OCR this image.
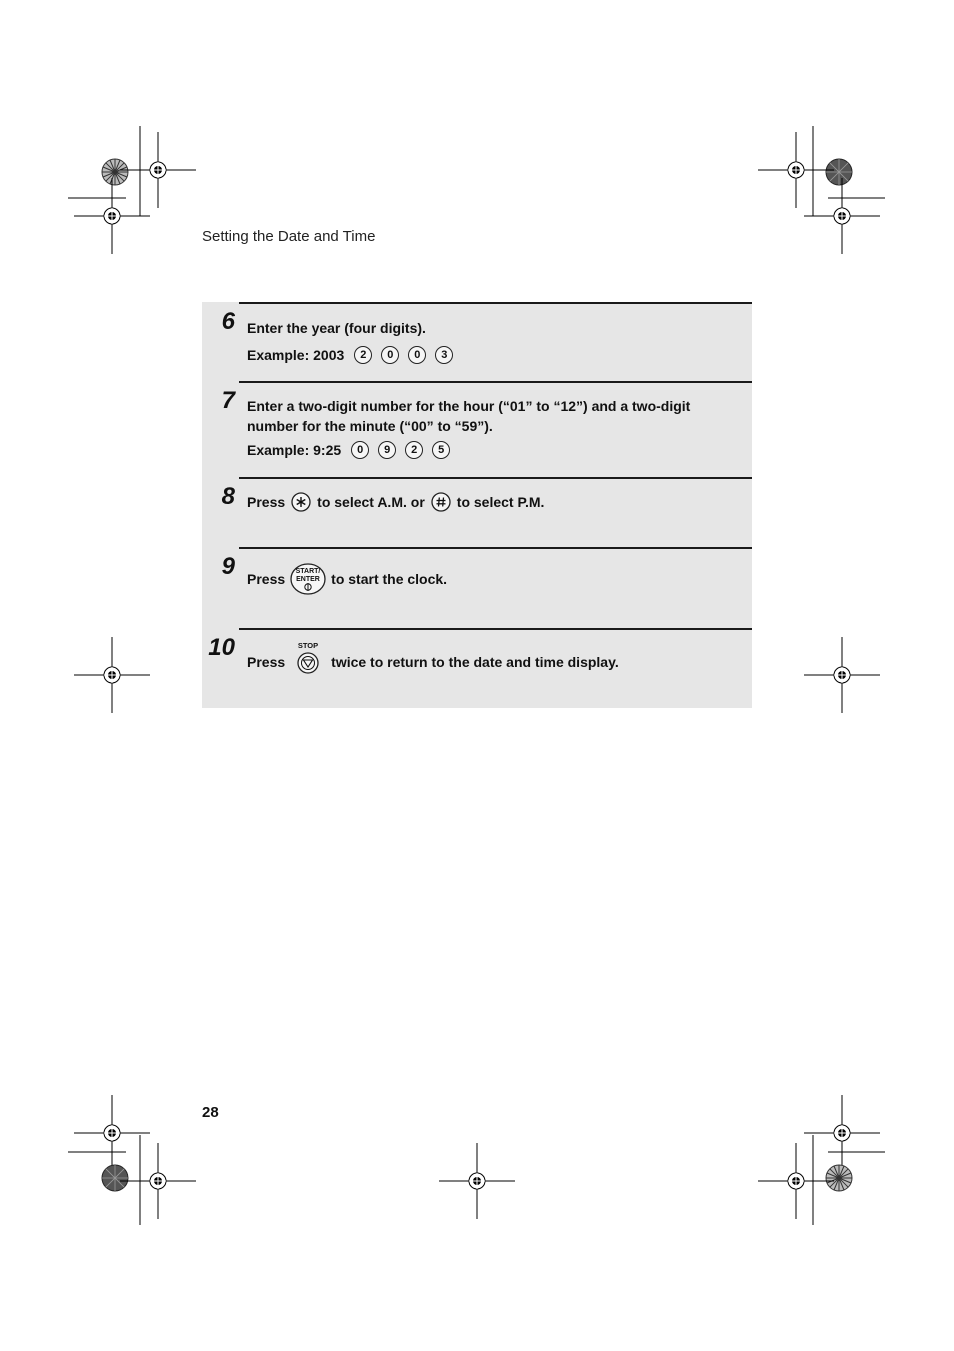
Setting the Date and Time
6 Enter the year (four digits).
Example: 2003	2	0	0	3
7 Enter a two-digit number for the hour (“01” to “12”) and a two-digit
number for the minute (“00” to “59”).
Example: 9:25	0	9	2	5
8 Press to select A.M. or to select P.M.
9 Press START/
ENTER to start the clock.
10
Press
STOP
twice to return to the date and time display.
28
